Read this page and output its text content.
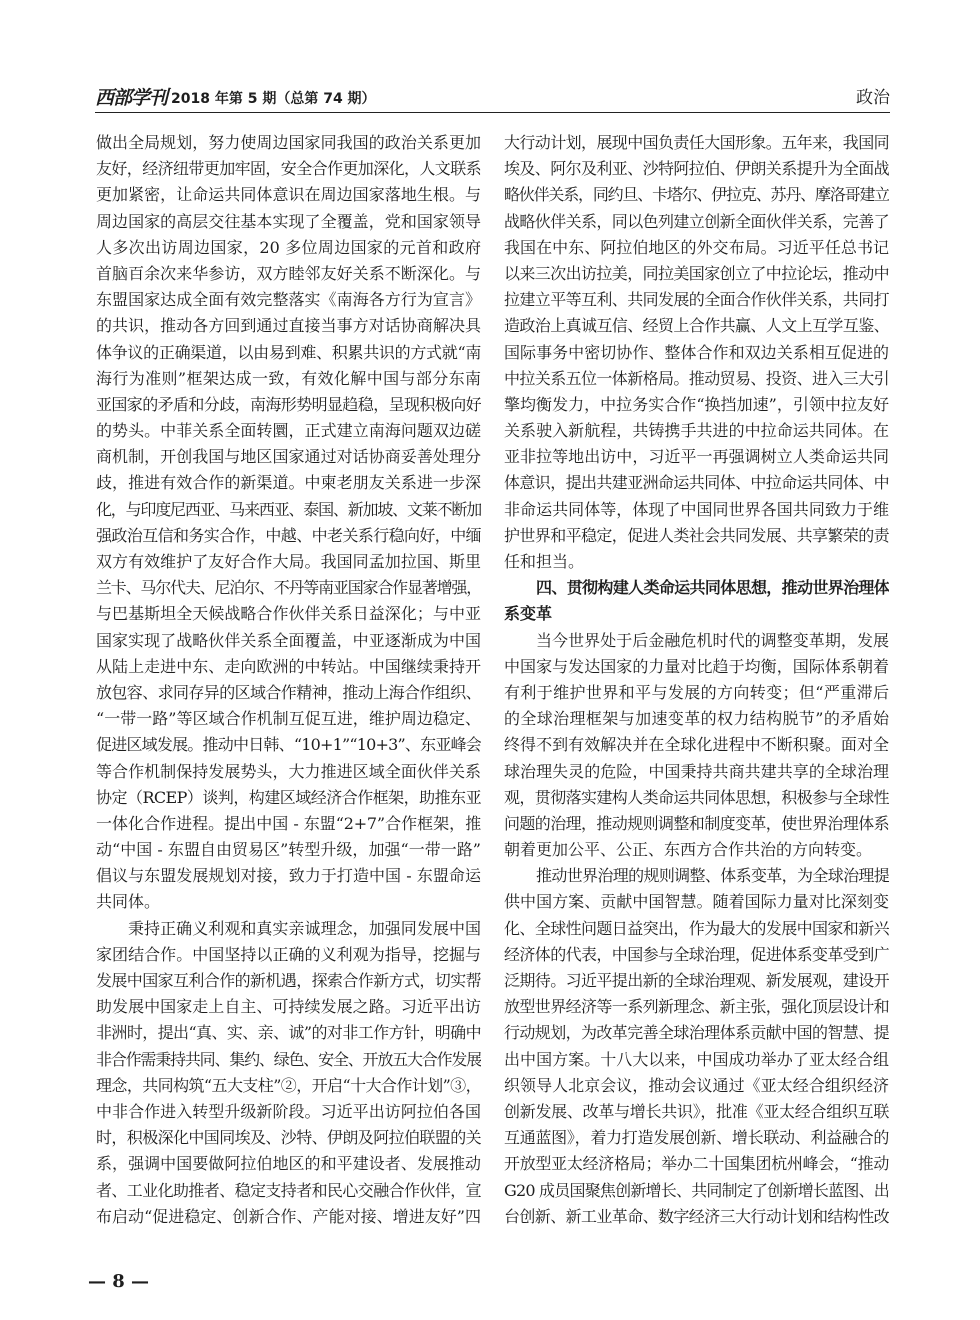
西部学刊 2018 年第 5 期（总第 74 期）	政治
做出全局规划，努力使周边国家同我国的政治关系更加
友好，经济纽带更加牢固，安全合作更加深化，人文联系
更加紧密，让命运共同体意识在周边国家落地生根。与
周边国家的高层交往基本实现了全覆盖，党和国家领导
人多次出访周边国家，20 多位周边国家的元首和政府
首脑百余次来华参访，双方睦邻友好关系不断深化。与
东盟国家达成全面有效完整落实《南海各方行为宣言》
的共识，推动各方回到通过直接当事方对话协商解决具
体争议的正确渠道，以由易到难、积累共识的方式就“南
海行为准则”框架达成一致，有效化解中国与部分东南
亚国家的矛盾和分歧，南海形势明显趋稳，呈现积极向好
的势头。中菲关系全面转圜，正式建立南海问题双边磋
商机制，开创我国与地区国家通过对话协商妥善处理分
歧，推进有效合作的新渠道。中柬老朋友关系进一步深
化，与印度尼西亚、马来西亚、泰国、新加坡、文莱不断加
强政治互信和务实合作，中越、中老关系行稳向好，中缅
双方有效维护了友好合作大局。我国同孟加拉国、斯里
兰卡、马尔代夫、尼泊尔、不丹等南亚国家合作显著增强，
与巴基斯坦全天候战略合作伙伴关系日益深化；与中亚
国家实现了战略伙伴关系全面覆盖，中亚逐渐成为中国
从陆上走进中东、走向欧洲的中转站。中国继续秉持开
放包容、求同存异的区域合作精神，推动上海合作组织、
“一带一路”等区域合作机制互促互进，维护周边稳定、
促进区域发展。推动中日韩、“10+1”“10+3”、东亚峰会
等合作机制保持发展势头，大力推进区域全面伙伴关系
协定（RCEP）谈判，构建区域经济合作框架，助推东亚
一体化合作进程。提出中国 - 东盟“2+7”合作框架，推
动“中国 - 东盟自由贸易区”转型升级，加强“一带一路”
倡议与东盟发展规划对接，致力于打造中国 - 东盟命运
共同体。
秉持正确义利观和真实亲诚理念，加强同发展中国
家团结合作。中国坚持以正确的义利观为指导，挖掘与
发展中国家互利合作的新机遇，探索合作新方式，切实帮
助发展中国家走上自主、可持续发展之路。习近平出访
非洲时，提出“真、实、亲、诚”的对非工作方针，明确中
非合作需秉持共同、集约、绿色、安全、开放五大合作发展
理念，共同构筑“五大支柱”②，开启“十大合作计划”③，
中非合作进入转型升级新阶段。习近平出访阿拉伯各国
时，积极深化中国同埃及、沙特、伊朗及阿拉伯联盟的关
系，强调中国要做阿拉伯地区的和平建设者、发展推动
者、工业化助推者、稳定支持者和民心交融合作伙伴，宣
布启动“促进稳定、创新合作、产能对接、增进友好”四
大行动计划，展现中国负责任大国形象。五年来，我国同
埃及、阿尔及利亚、沙特阿拉伯、伊朗关系提升为全面战
略伙伴关系，同约旦、卡塔尔、伊拉克、苏丹、摩洛哥建立
战略伙伴关系，同以色列建立创新全面伙伴关系，完善了
我国在中东、阿拉伯地区的外交布局。习近平任总书记
以来三次出访拉美，同拉美国家创立了中拉论坛，推动中
拉建立平等互利、共同发展的全面合作伙伴关系，共同打
造政治上真诚互信、经贸上合作共赢、人文上互学互鉴、
国际事务中密切协作、整体合作和双边关系相互促进的
中拉关系五位一体新格局。推动贸易、投资、进入三大引
擎均衡发力，中拉务实合作“换挡加速”，引领中拉友好
关系驶入新航程，共铸携手共进的中拉命运共同体。在
亚非拉等地出访中，习近平一再强调树立人类命运共同
体意识，提出共建亚洲命运共同体、中拉命运共同体、中
非命运共同体等，体现了中国同世界各国共同致力于维
护世界和平稳定，促进人类社会共同发展、共享繁荣的责
任和担当。
四、贯彻构建人类命运共同体思想，推动世界治理体
系变革
当今世界处于后金融危机时代的调整变革期，发展
中国家与发达国家的力量对比趋于均衡，国际体系朝着
有利于维护世界和平与发展的方向转变；但“严重滞后
的全球治理框架与加速变革的权力结构脱节”的矛盾始
终得不到有效解决并在全球化进程中不断积聚。面对全
球治理失灵的危险，中国秉持共商共建共享的全球治理
观，贯彻落实建构人类命运共同体思想，积极参与全球性
问题的治理，推动规则调整和制度变革，使世界治理体系
朝着更加公平、公正、东西方合作共治的方向转变。
推动世界治理的规则调整、体系变革，为全球治理提
供中国方案、贡献中国智慧。随着国际力量对比深刻变
化、全球性问题日益突出，作为最大的发展中国家和新兴
经济体的代表，中国参与全球治理，促进体系变革受到广
泛期待。习近平提出新的全球治理观、新发展观，建设开
放型世界经济等一系列新理念、新主张，强化顶层设计和
行动规划，为改革完善全球治理体系贡献中国的智慧、提
出中国方案。十八大以来，中国成功举办了亚太经合组
织领导人北京会议，推动会议通过《亚太经合组织经济
创新发展、改革与增长共识》，批准《亚太经合组织互联
互通蓝图》，着力打造发展创新、增长联动、利益融合的
开放型亚太经济格局；举办二十国集团杭州峰会，“推动
G20 成员国聚焦创新增长、共同制定了创新增长蓝图、出
台创新、新工业革命、数字经济三大行动计划和结构性改
— 8 —
